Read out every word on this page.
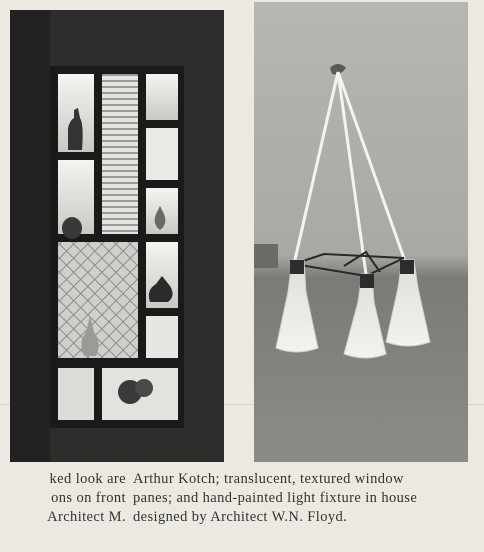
ked look are
ons on front
Architect M.
Arthur Kotch; translucent, textured window
panes; and hand-painted light fixture in house
designed by Architect W.N. Floyd.
